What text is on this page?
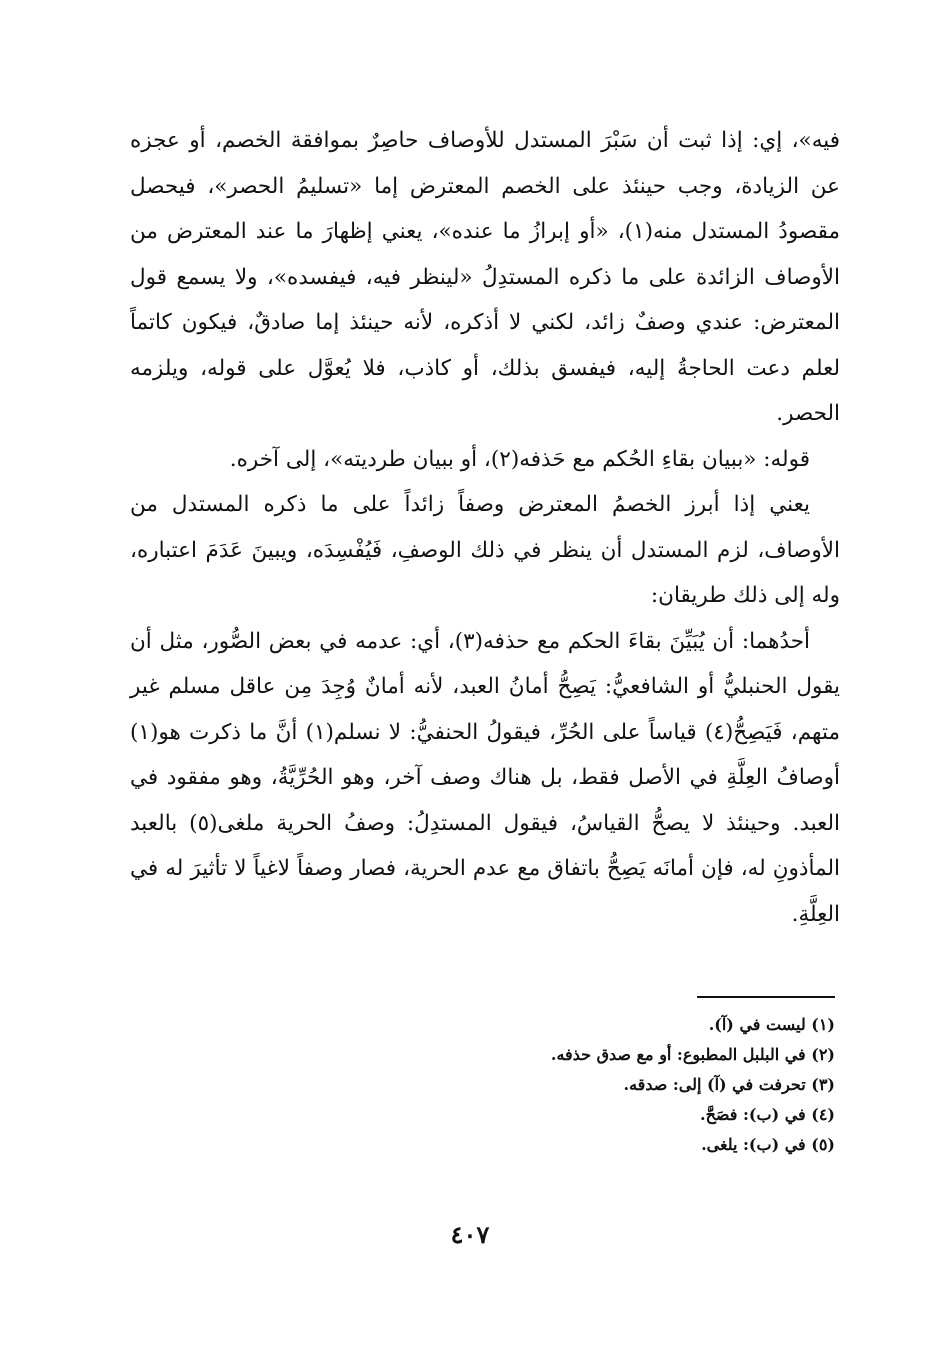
فيه»، إي: إذا ثبت أن سَبْرَ المستدل للأوصاف حاصِرٌ بموافقة الخصم، أو عجزه عن الزيادة، وجب حينئذ على الخصم المعترض إما «تسليمُ الحصر»، فيحصل مقصودُ المستدل منه(١)، «أو إبرازُ ما عنده»، يعني إظهارَ ما عند المعترض من الأوصاف الزائدة على ما ذكره المستدِلُ «لينظر فيه، فيفسده»، ولا يسمع قول المعترض: عندي وصفٌ زائد، لكني لا أذكره، لأنه حينئذ إما صادقٌ، فيكون كاتماً لعلم دعت الحاجةُ إليه، فيفسق بذلك، أو كاذب، فلا يُعوَّل على قوله، ويلزمه الحصر.

قوله: «ببيان بقاءِ الحُكم مع حَذفه(٢)، أو ببيان طرديته»، إلى آخره.

يعني إذا أبرز الخصمُ المعترض وصفاً زائداً على ما ذكره المستدل من الأوصاف، لزم المستدل أن ينظر في ذلك الوصفِ، فَيُفْسِدَه، ويبينَ عَدَمَ اعتباره، وله إلى ذلك طريقان:

أحدُهما: أن يُبَيِّنَ بقاءَ الحكم مع حذفه(٣)، أي: عدمه في بعض الصُّور، مثل أن يقول الحنبليُّ أو الشافعيُّ: يَصِحُّ أمانُ العبد، لأنه أمانٌ وُجِدَ مِن عاقل مسلم غير متهم، فَيَصِحُّ(٤) قياساً على الحُرِّ، فيقولُ الحنفيُّ: لا نسلم(١) أنَّ ما ذكرت هو(١) أوصافُ العِلَّةِ في الأصل فقط، بل هناك وصف آخر، وهو الحُرِّيَّةُ، وهو مفقود في العبد. وحينئذ لا يصحُّ القياسُ، فيقول المستدِلُ: وصفُ الحرية ملغى(٥) بالعبد المأذونِ له، فإن أمانَه يَصِحُّ باتفاق مع عدم الحرية، فصار وصفاً لاغياً لا تأثيرَ له في العِلَّةِ.

(١) ليست في (آ).
(٢) في البلبل المطبوع: أو مع صدق حذفه.
(٣) تحرفت في (آ) إلى: صدقه.
(٤) في (ب): فصَحَّ.
(٥) في (ب): يلغى.
٤٠٧
